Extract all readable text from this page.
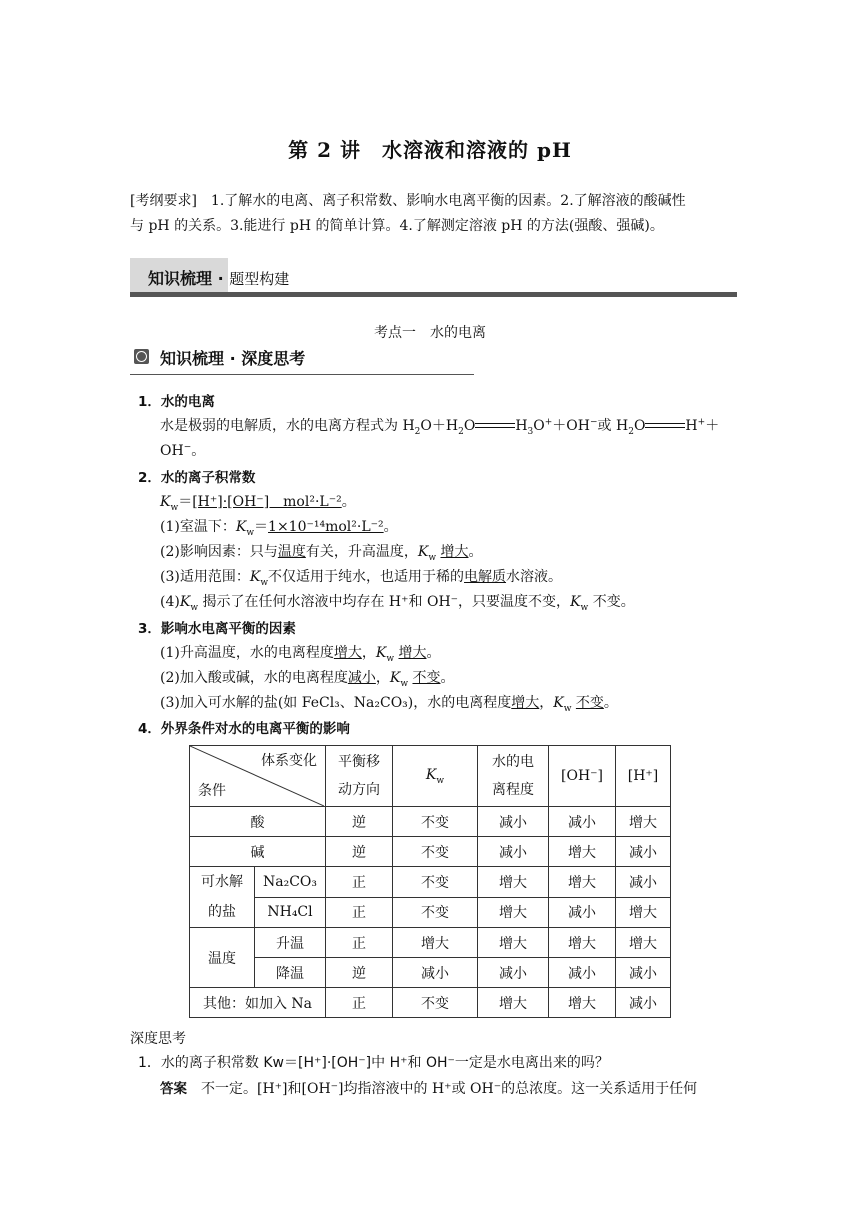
第 2 讲　水溶液和溶液的 pH
[考纲要求]　1.了解水的电离、离子积常数、影响水电离平衡的因素。2.了解溶液的酸碱性
与 pH 的关系。3.能进行 pH 的简单计算。4.了解测定溶液 pH 的方法(强酸、强碱)。
知识梳理 · 题型构建
考点一　水的电离
知识梳理 · 深度思考
1．水的电离
水是极弱的电解质，水的电离方程式为 $H_2O+H_2O$	$H_3O^++OH^-$或 $H_2O$	H+＋
OH−。
2．水的离子积常数
$K_w=[H^+]\cdot[OH^-]$　mol²·L⁻²。
(1)室温下：$K_w=1\times 10^{-14}mol^2\cdot L^{-2}$。
(2)影响因素：只与温度有关，升高温度，$K_w$ 增大。
(3)适用范围：$K_w$不仅适用于纯水，也适用于稀的电解质水溶液。
$(4)K_w$ 揭示了在任何水溶液中均存在 H⁺和 OH⁻，只要温度不变，$K_w$ 不变。
3．影响水电离平衡的因素
(1)升高温度，水的电离程度增大，$K_w$ 增大。
(2)加入酸或碱，水的电离程度减小，$K_w$ 不变。
(3)加入可水解的盐(如 FeCl₃、Na₂CO₃)，水的电离程度增大，$K_w$ 不变。
4．外界条件对水的电离平衡的影响
体系变化
条件		平衡移动方向	$K_w$	水的电离程度	[OH⁻]	[H⁺]

酸		逆	不变	减小	减小	增大
碱		逆	不变	减小	增大	减小

可水解的盐	Na₂CO₃	正	不变	增大	增大	减小
	NH₄Cl	正	不变	增大	减小	增大
温度	升温	正	增大	增大	增大	增大
	降温	逆	减小	减小	减小	减小
其他：如加入 Na		正	不变	增大	增大	减小
深度思考
1．水的离子积常数 Kw＝[H⁺]·[OH⁻]中 H⁺和 OH⁻一定是水电离出来的吗？
答案　不一定。[H⁺]和[OH⁻]均指溶液中的 H⁺或 OH⁻的总浓度。这一关系适用于任何
